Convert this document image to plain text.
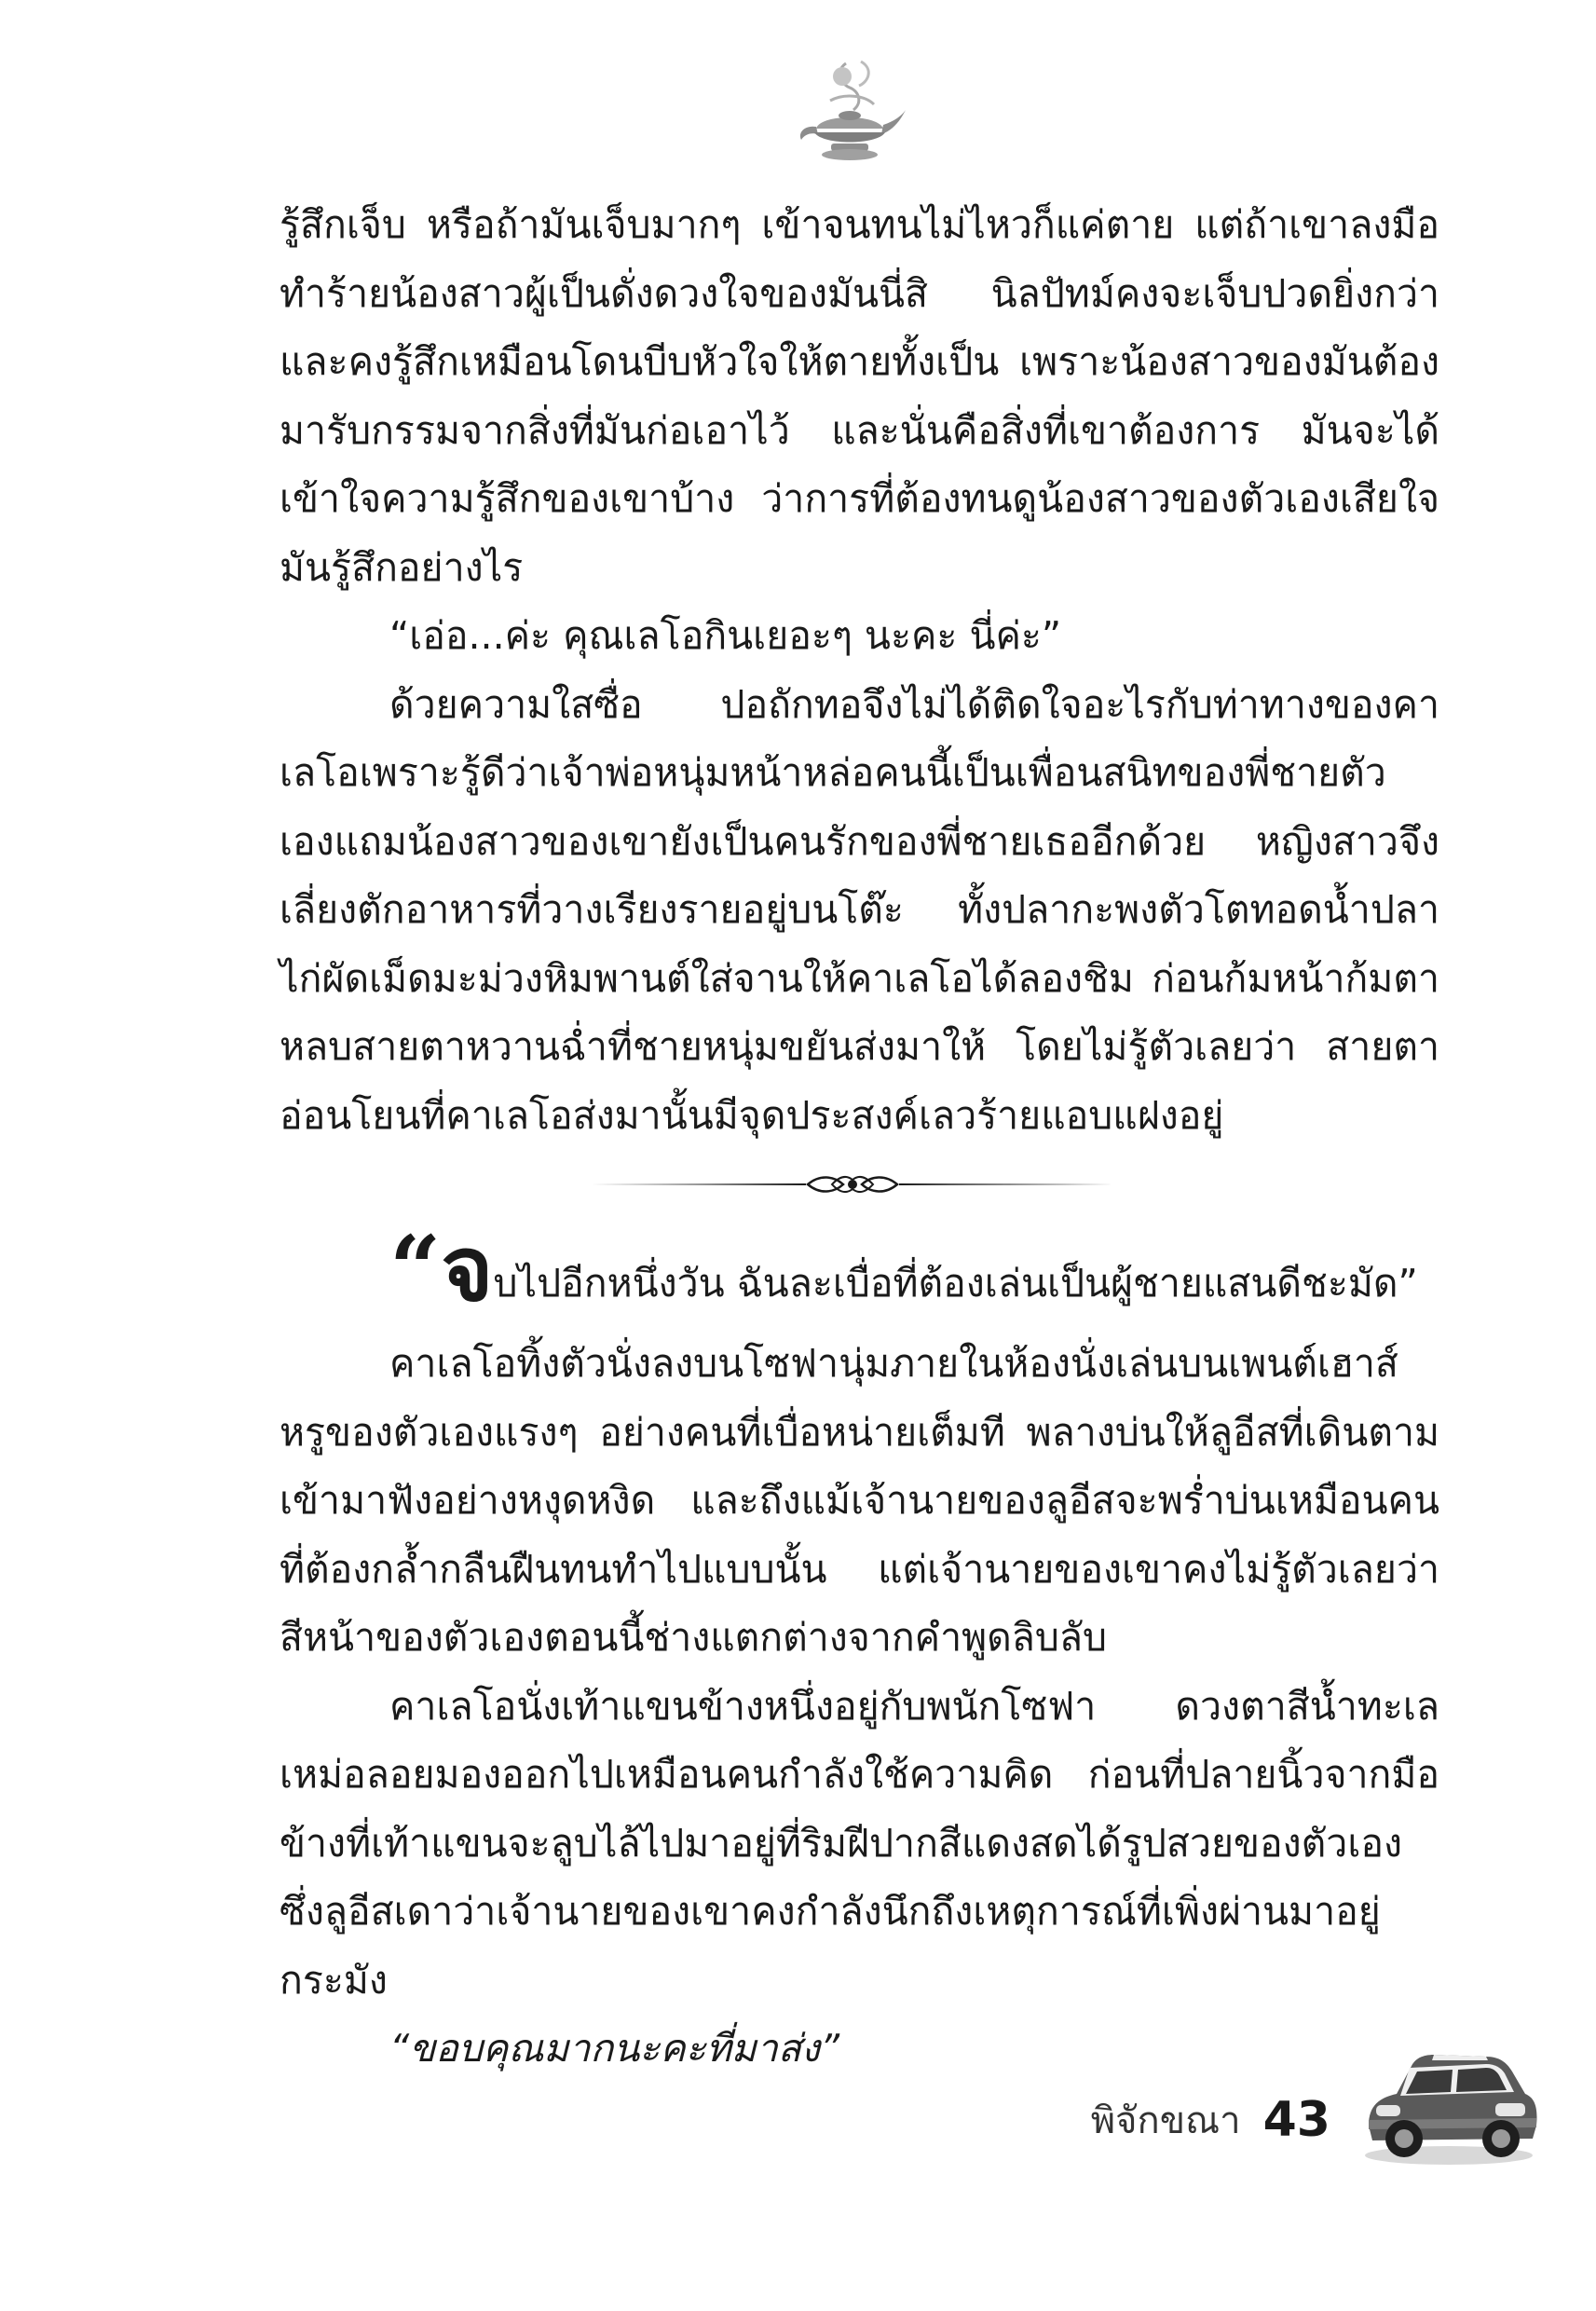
รู้สึกเจ็บ หรือถ้ามันเจ็บมากๆ เข้าจนทนไม่ไหวก็แค่ตาย แต่ถ้าเขาลงมือทำร้ายน้องสาวผู้เป็นดั่งดวงใจของมันนี่สิ นิลปัทม์คงจะเจ็บปวดยิ่งกว่าและคงรู้สึกเหมือนโดนบีบหัวใจให้ตายทั้งเป็น เพราะน้องสาวของมันต้องมารับกรรมจากสิ่งที่มันก่อเอาไว้ และนั่นคือสิ่งที่เขาต้องการ มันจะได้เข้าใจความรู้สึกของเขาบ้าง ว่าการที่ต้องทนดูน้องสาวของตัวเองเสียใจมันรู้สึกอย่างไร

“เอ่อ...ค่ะ คุณเลโอกินเยอะๆ นะคะ นี่ค่ะ”

ด้วยความใสซื่อ ปอถักทอจึงไม่ได้ติดใจอะไรกับท่าทางของคาเลโอเพราะรู้ดีว่าเจ้าพ่อหนุ่มหน้าหล่อคนนี้เป็นเพื่อนสนิทของพี่ชายตัวเองแถมน้องสาวของเขายังเป็นคนรักของพี่ชายเธออีกด้วย หญิงสาวจึงเลี่ยงตักอาหารที่วางเรียงรายอยู่บนโต๊ะ ทั้งปลากะพงตัวโตทอดน้ำปลา ไก่ผัดเม็ดมะม่วงหิมพานต์ใส่จานให้คาเลโอได้ลองชิม ก่อนก้มหน้าก้มตาหลบสายตาหวานฉ่ำที่ชายหนุ่มขยันส่งมาให้ โดยไม่รู้ตัวเลยว่า สายตาอ่อนโยนที่คาเลโอส่งมานั้นมีจุดประสงค์เลวร้ายแอบแฝงอยู่

“จบไปอีกหนึ่งวัน ฉันละเบื่อที่ต้องเล่นเป็นผู้ชายแสนดีชะมัด”

คาเลโอทิ้งตัวนั่งลงบนโซฟานุ่มภายในห้องนั่งเล่นบนเพนต์เฮาส์หรูของตัวเองแรงๆ อย่างคนที่เบื่อหน่ายเต็มที พลางบ่นให้ลูอีสที่เดินตามเข้ามาฟังอย่างหงุดหงิด และถึงแม้เจ้านายของลูอีสจะพร่ำบ่นเหมือนคนที่ต้องกล้ำกลืนฝืนทนทำไปแบบนั้น แต่เจ้านายของเขาคงไม่รู้ตัวเลยว่าสีหน้าของตัวเองตอนนี้ช่างแตกต่างจากคำพูดลิบลับ

คาเลโอนั่งเท้าแขนข้างหนึ่งอยู่กับพนักโซฟา ดวงตาสีน้ำทะเลเหม่อลอยมองออกไปเหมือนคนกำลังใช้ความคิด ก่อนที่ปลายนิ้วจากมือข้างที่เท้าแขนจะลูบไล้ไปมาอยู่ที่ริมฝีปากสีแดงสดได้รูปสวยของตัวเองซึ่งลูอีสเดาว่าเจ้านายของเขาคงกำลังนึกถึงเหตุการณ์ที่เพิ่งผ่านมาอยู่กระมัง

“ขอบคุณมากนะคะที่มาส่ง”

พิจักขณา 43
